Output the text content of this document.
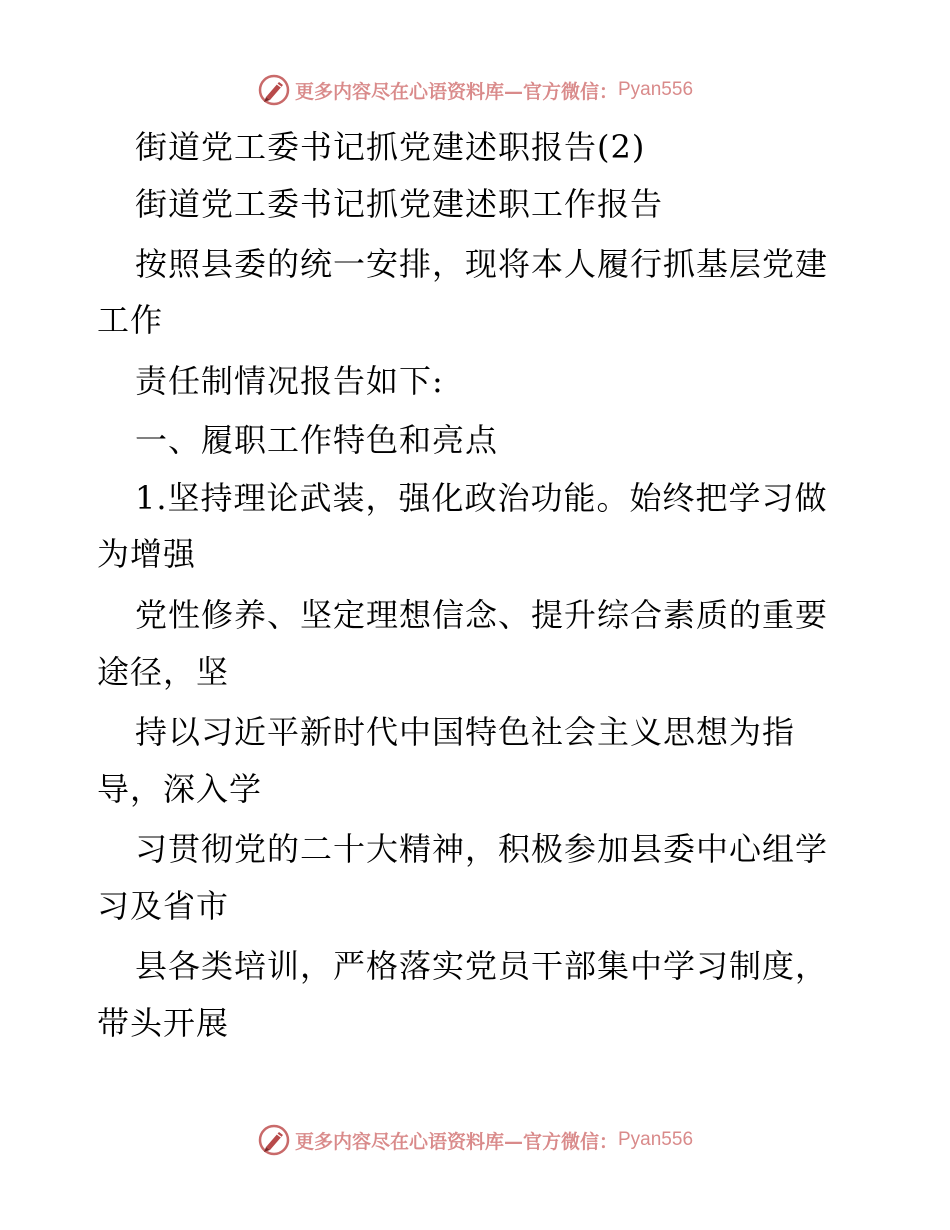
更多内容尽在心语资料库—官方微信： Pyan556
街道党工委书记抓党建述职报告(2)
街道党工委书记抓党建述职工作报告
按照县委的统一安排，现将本人履行抓基层党建
工作
责任制情况报告如下:
一、履职工作特色和亮点
1.坚持理论武装，强化政治功能。始终把学习做
为增强
党性修养、坚定理想信念、提升综合素质的重要
途径，坚
持以习近平新时代中国特色社会主义思想为指
导，深入学
习贯彻党的二十大精神，积极参加县委中心组学
习及省市
县各类培训，严格落实党员干部集中学习制度，
带头开展
更多内容尽在心语资料库—官方微信： Pyan556
